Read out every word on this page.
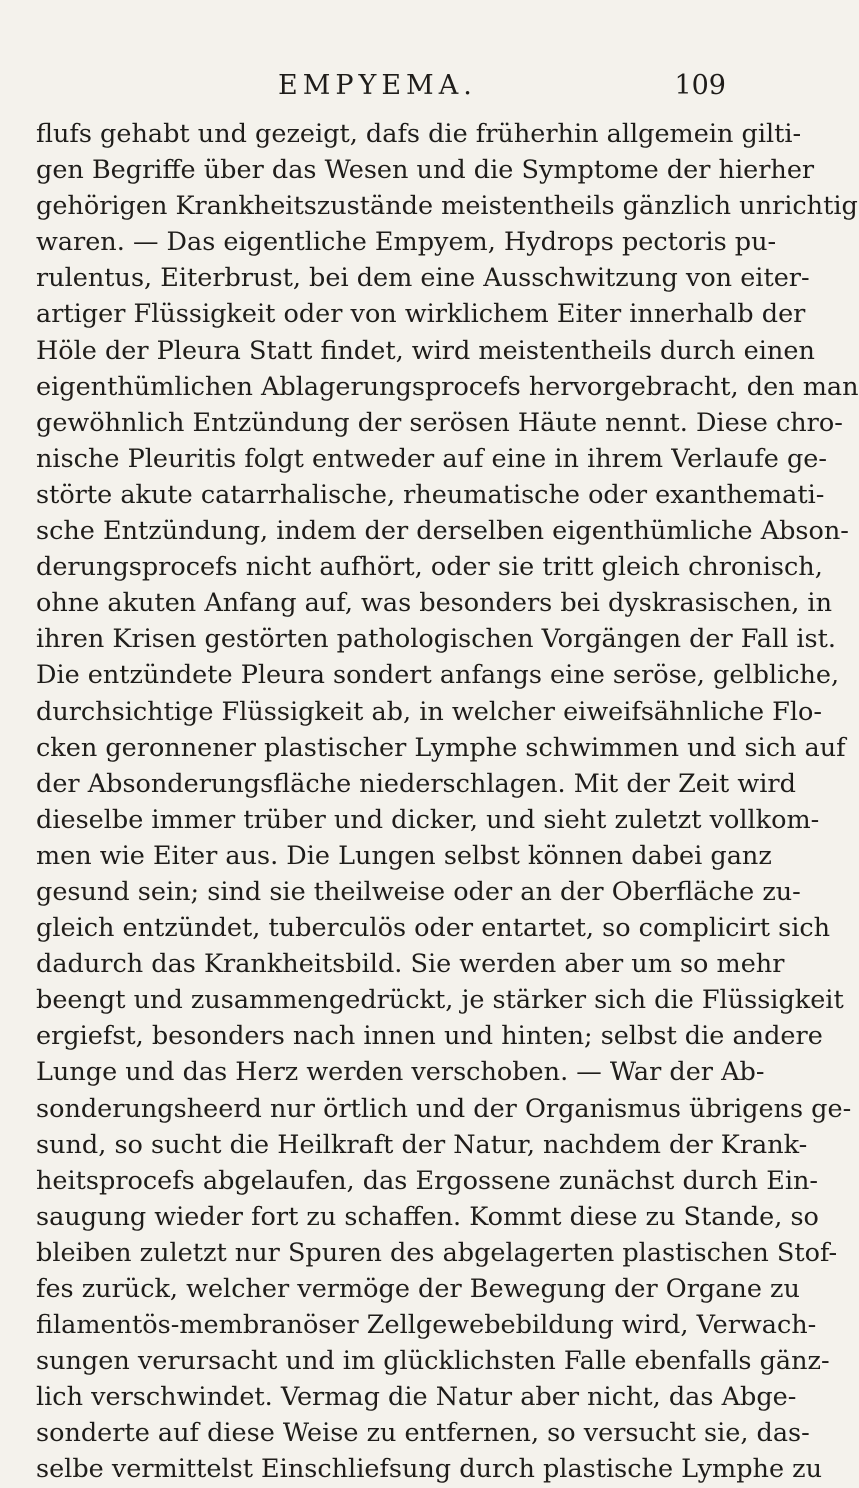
EMPYEMA.	109
flufs gehabt und gezeigt, dafs die früherhin allgemein gilti-
gen Begriffe über das Wesen und die Symptome der hierher
gehörigen Krankheitszustände meistentheils gänzlich unrichtig
waren. — Das eigentliche Empyem, Hydrops pectoris pu-
rulentus, Eiterbrust, bei dem eine Ausschwitzung von eiter-
artiger Flüssigkeit oder von wirklichem Eiter innerhalb der
Höle der Pleura Statt findet, wird meistentheils durch einen
eigenthümlichen Ablagerungsprocefs hervorgebracht, den man
gewöhnlich Entzündung der serösen Häute nennt. Diese chro-
nische Pleuritis folgt entweder auf eine in ihrem Verlaufe ge-
störte akute catarrhalische, rheumatische oder exanthemati-
sche Entzündung, indem der derselben eigenthümliche Abson-
derungsprocefs nicht aufhört, oder sie tritt gleich chronisch,
ohne akuten Anfang auf, was besonders bei dyskrasischen, in
ihren Krisen gestörten pathologischen Vorgängen der Fall ist.
Die entzündete Pleura sondert anfangs eine seröse, gelbliche,
durchsichtige Flüssigkeit ab, in welcher eiweifsähnliche Flo-
cken geronnener plastischer Lymphe schwimmen und sich auf
der Absonderungsfläche niederschlagen. Mit der Zeit wird
dieselbe immer trüber und dicker, und sieht zuletzt vollkom-
men wie Eiter aus. Die Lungen selbst können dabei ganz
gesund sein; sind sie theilweise oder an der Oberfläche zu-
gleich entzündet, tuberculös oder entartet, so complicirt sich
dadurch das Krankheitsbild. Sie werden aber um so mehr
beengt und zusammengedrückt, je stärker sich die Flüssigkeit
ergiefst, besonders nach innen und hinten; selbst die andere
Lunge und das Herz werden verschoben. — War der Ab-
sonderungsheerd nur örtlich und der Organismus übrigens ge-
sund, so sucht die Heilkraft der Natur, nachdem der Krank-
heitsprocefs abgelaufen, das Ergossene zunächst durch Ein-
saugung wieder fort zu schaffen. Kommt diese zu Stande, so
bleiben zuletzt nur Spuren des abgelagerten plastischen Stof-
fes zurück, welcher vermöge der Bewegung der Organe zu
filamentös-membranöser Zellgewebebildung wird, Verwach-
sungen verursacht und im glücklichsten Falle ebenfalls gänz-
lich verschwindet. Vermag die Natur aber nicht, das Abge-
sonderte auf diese Weise zu entfernen, so versucht sie, das-
selbe vermittelst Einschliefsung durch plastische Lymphe zu
